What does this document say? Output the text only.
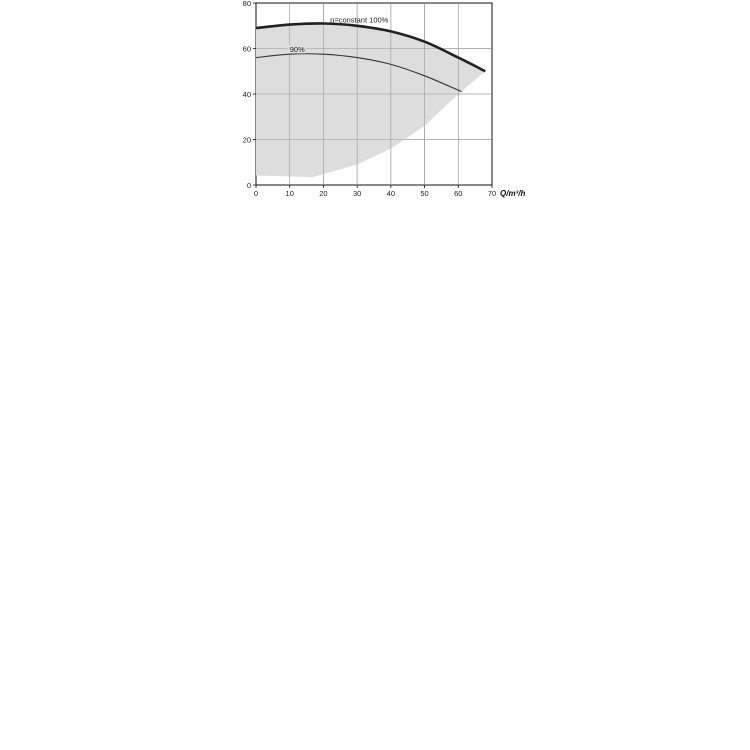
0	10	20	30	40	50	60	70 Q/m³/h
0
20
40
60
80
n=constant 100%
90%
